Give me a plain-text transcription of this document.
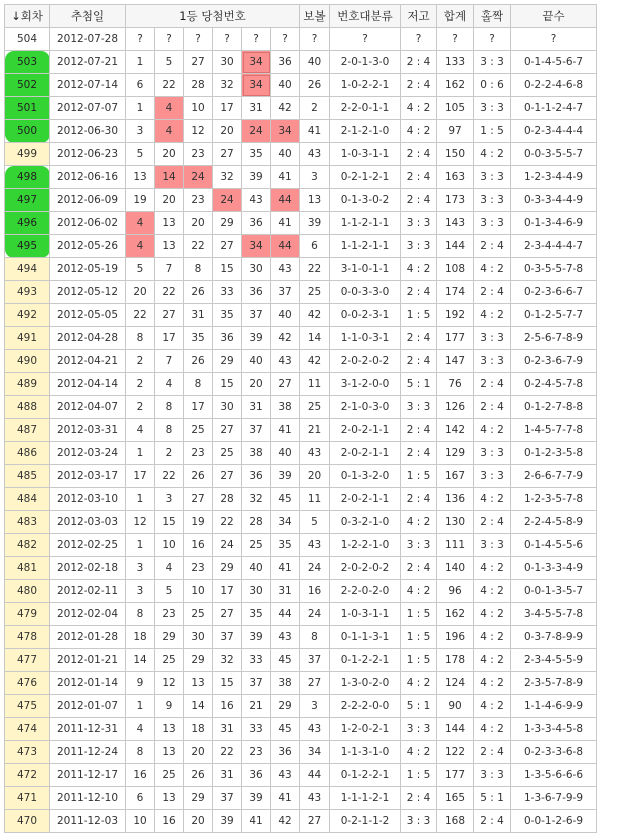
↓회차	추첨일	1등 당첨번호						보볼	번호대분류	저고	합계	홀짝	끝수
504	2012-07-28	?	?	?	?	?	?	?	?	?	?	?	?
503	2012-07-21	1	5	27	30	34	36	40	2-0-1-3-0	2 : 4	133	3 : 3	0-1-4-5-6-7
502	2012-07-14	6	22	28	32	34	40	26	1-0-2-2-1	2 : 4	162	0 : 6	0-2-2-4-6-8
501	2012-07-07	1	4	10	17	31	42	2	2-2-0-1-1	4 : 2	105	3 : 3	0-1-1-2-4-7
500	2012-06-30	3	4	12	20	24	34	41	2-1-2-1-0	4 : 2	97	1 : 5	0-2-3-4-4-4
499	2012-06-23	5	20	23	27	35	40	43	1-0-3-1-1	2 : 4	150	4 : 2	0-0-3-5-5-7
498	2012-06-16	13	14	24	32	39	41	3	0-2-1-2-1	2 : 4	163	3 : 3	1-2-3-4-4-9
497	2012-06-09	19	20	23	24	43	44	13	0-1-3-0-2	2 : 4	173	3 : 3	0-3-3-4-4-9
496	2012-06-02	4	13	20	29	36	41	39	1-1-2-1-1	3 : 3	143	3 : 3	0-1-3-4-6-9
495	2012-05-26	4	13	22	27	34	44	6	1-1-2-1-1	3 : 3	144	2 : 4	2-3-4-4-4-7
494	2012-05-19	5	7	8	15	30	43	22	3-1-0-1-1	4 : 2	108	4 : 2	0-3-5-5-7-8
493	2012-05-12	20	22	26	33	36	37	25	0-0-3-3-0	2 : 4	174	2 : 4	0-2-3-6-6-7
492	2012-05-05	22	27	31	35	37	40	42	0-0-2-3-1	1 : 5	192	4 : 2	0-1-2-5-7-7
491	2012-04-28	8	17	35	36	39	42	14	1-1-0-3-1	2 : 4	177	3 : 3	2-5-6-7-8-9
490	2012-04-21	2	7	26	29	40	43	42	2-0-2-0-2	2 : 4	147	3 : 3	0-2-3-6-7-9
489	2012-04-14	2	4	8	15	20	27	11	3-1-2-0-0	5 : 1	76	2 : 4	0-2-4-5-7-8
488	2012-04-07	2	8	17	30	31	38	25	2-1-0-3-0	3 : 3	126	2 : 4	0-1-2-7-8-8
487	2012-03-31	4	8	25	27	37	41	21	2-0-2-1-1	2 : 4	142	4 : 2	1-4-5-7-7-8
486	2012-03-24	1	2	23	25	38	40	43	2-0-2-1-1	2 : 4	129	3 : 3	0-1-2-3-5-8
485	2012-03-17	17	22	26	27	36	39	20	0-1-3-2-0	1 : 5	167	3 : 3	2-6-6-7-7-9
484	2012-03-10	1	3	27	28	32	45	11	2-0-2-1-1	2 : 4	136	4 : 2	1-2-3-5-7-8
483	2012-03-03	12	15	19	22	28	34	5	0-3-2-1-0	4 : 2	130	2 : 4	2-2-4-5-8-9
482	2012-02-25	1	10	16	24	25	35	43	1-2-2-1-0	3 : 3	111	3 : 3	0-1-4-5-5-6
481	2012-02-18	3	4	23	29	40	41	24	2-0-2-0-2	2 : 4	140	4 : 2	0-1-3-3-4-9
480	2012-02-11	3	5	10	17	30	31	16	2-2-0-2-0	4 : 2	96	4 : 2	0-0-1-3-5-7
479	2012-02-04	8	23	25	27	35	44	24	1-0-3-1-1	1 : 5	162	4 : 2	3-4-5-5-7-8
478	2012-01-28	18	29	30	37	39	43	8	0-1-1-3-1	1 : 5	196	4 : 2	0-3-7-8-9-9
477	2012-01-21	14	25	29	32	33	45	37	0-1-2-2-1	1 : 5	178	4 : 2	2-3-4-5-5-9
476	2012-01-14	9	12	13	15	37	38	27	1-3-0-2-0	4 : 2	124	4 : 2	2-3-5-7-8-9
475	2012-01-07	1	9	14	16	21	29	3	2-2-2-0-0	5 : 1	90	4 : 2	1-1-4-6-9-9
474	2011-12-31	4	13	18	31	33	45	43	1-2-0-2-1	3 : 3	144	4 : 2	1-3-3-4-5-8
473	2011-12-24	8	13	20	22	23	36	34	1-1-3-1-0	4 : 2	122	2 : 4	0-2-3-3-6-8
472	2011-12-17	16	25	26	31	36	43	44	0-1-2-2-1	1 : 5	177	3 : 3	1-3-5-6-6-6
471	2011-12-10	6	13	29	37	39	41	43	1-1-1-2-1	2 : 4	165	5 : 1	1-3-6-7-9-9
470	2011-12-03	10	16	20	39	41	42	27	0-2-1-1-2	3 : 3	168	2 : 4	0-0-1-2-6-9
